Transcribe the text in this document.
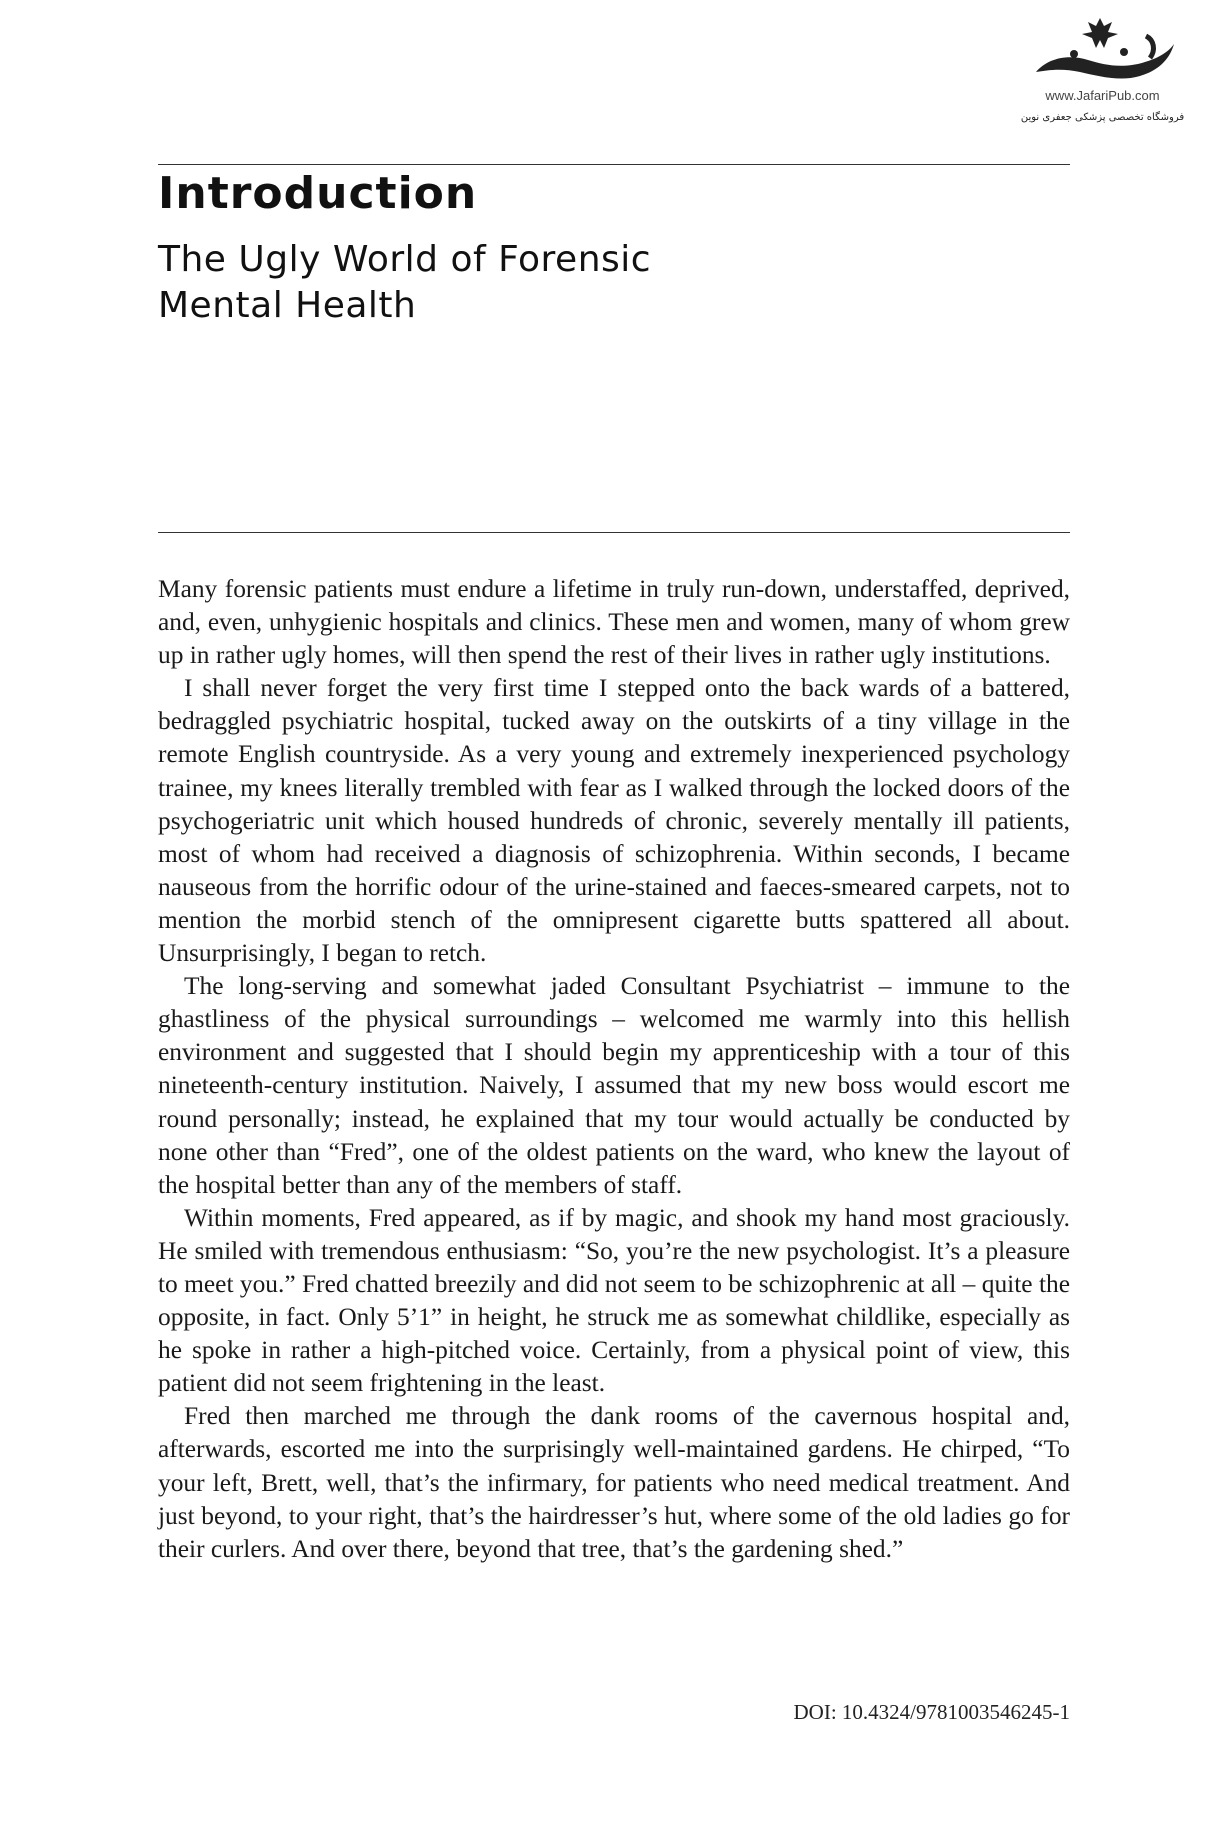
www.JafariPub.com
فروشگاه تخصصی پزشکی جعفری نوین
Introduction
The Ugly World of Forensic
Mental Health

Many forensic patients must endure a lifetime in truly run-down, understaffed, deprived, and, even, unhygienic hospitals and clinics. These men and women, many of whom grew up in rather ugly homes, will then spend the rest of their lives in rather ugly institutions.

I shall never forget the very first time I stepped onto the back wards of a battered, bedraggled psychiatric hospital, tucked away on the outskirts of a tiny village in the remote English countryside. As a very young and extremely inexperienced psychology trainee, my knees literally trembled with fear as I walked through the locked doors of the psychogeriatric unit which housed hundreds of chronic, severely mentally ill patients, most of whom had received a diagnosis of schizophrenia. Within seconds, I became nauseous from the horrific odour of the urine-stained and faeces-smeared carpets, not to mention the morbid stench of the omnipresent cigarette butts spattered all about. Unsurprisingly, I began to retch.

The long-serving and somewhat jaded Consultant Psychiatrist – immune to the ghastliness of the physical surroundings – welcomed me warmly into this hellish environment and suggested that I should begin my apprenticeship with a tour of this nineteenth-century institution. Naively, I assumed that my new boss would escort me round personally; instead, he explained that my tour would actually be conducted by none other than “Fred”, one of the oldest patients on the ward, who knew the layout of the hospital better than any of the members of staff.

Within moments, Fred appeared, as if by magic, and shook my hand most graciously. He smiled with tremendous enthusiasm: “So, you’re the new psychologist. It’s a pleasure to meet you.” Fred chatted breezily and did not seem to be schizophrenic at all – quite the opposite, in fact. Only 5’1” in height, he struck me as somewhat childlike, especially as he spoke in rather a high-pitched voice. Certainly, from a physical point of view, this patient did not seem frightening in the least.

Fred then marched me through the dank rooms of the cavernous hospital and, afterwards, escorted me into the surprisingly well-maintained gardens. He chirped, “To your left, Brett, well, that’s the infirmary, for patients who need medical treatment. And just beyond, to your right, that’s the hairdresser’s hut, where some of the old ladies go for their curlers. And over there, beyond that tree, that’s the gardening shed.”

DOI: 10.4324/9781003546245-1
